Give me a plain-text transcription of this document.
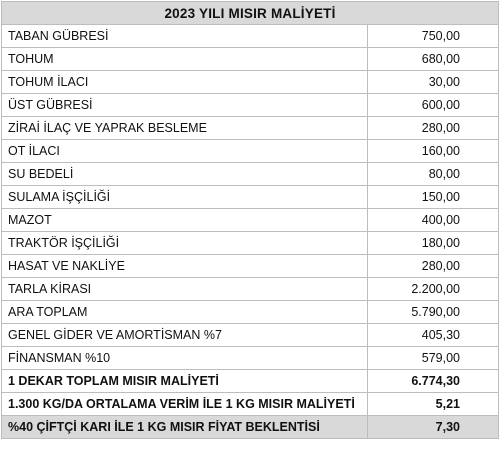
2023 YILI MISIR MALİYETİ	
TABAN GÜBRESİ	750,00
TOHUM	680,00
TOHUM İLACI	30,00
ÜST GÜBRESİ	600,00
ZİRAİ İLAÇ VE YAPRAK BESLEME	280,00
OT İLACI	160,00
SU BEDELİ	80,00
SULAMA İŞÇİLİĞİ	150,00
MAZOT	400,00
TRAKTÖR İŞÇİLİĞİ	180,00
HASAT VE NAKLİYE	280,00
TARLA KİRASI	2.200,00
ARA TOPLAM	5.790,00
GENEL GİDER VE AMORTİSMAN %7	405,30
FİNANSMAN %10	579,00
1 DEKAR TOPLAM MISIR MALİYETİ	6.774,30
1.300 KG/DA ORTALAMA VERİM İLE 1 KG MISIR MALİYETİ	5,21
%40 ÇİFTÇİ KARI İLE 1 KG MISIR FİYAT BEKLENTİSİ	7,30
